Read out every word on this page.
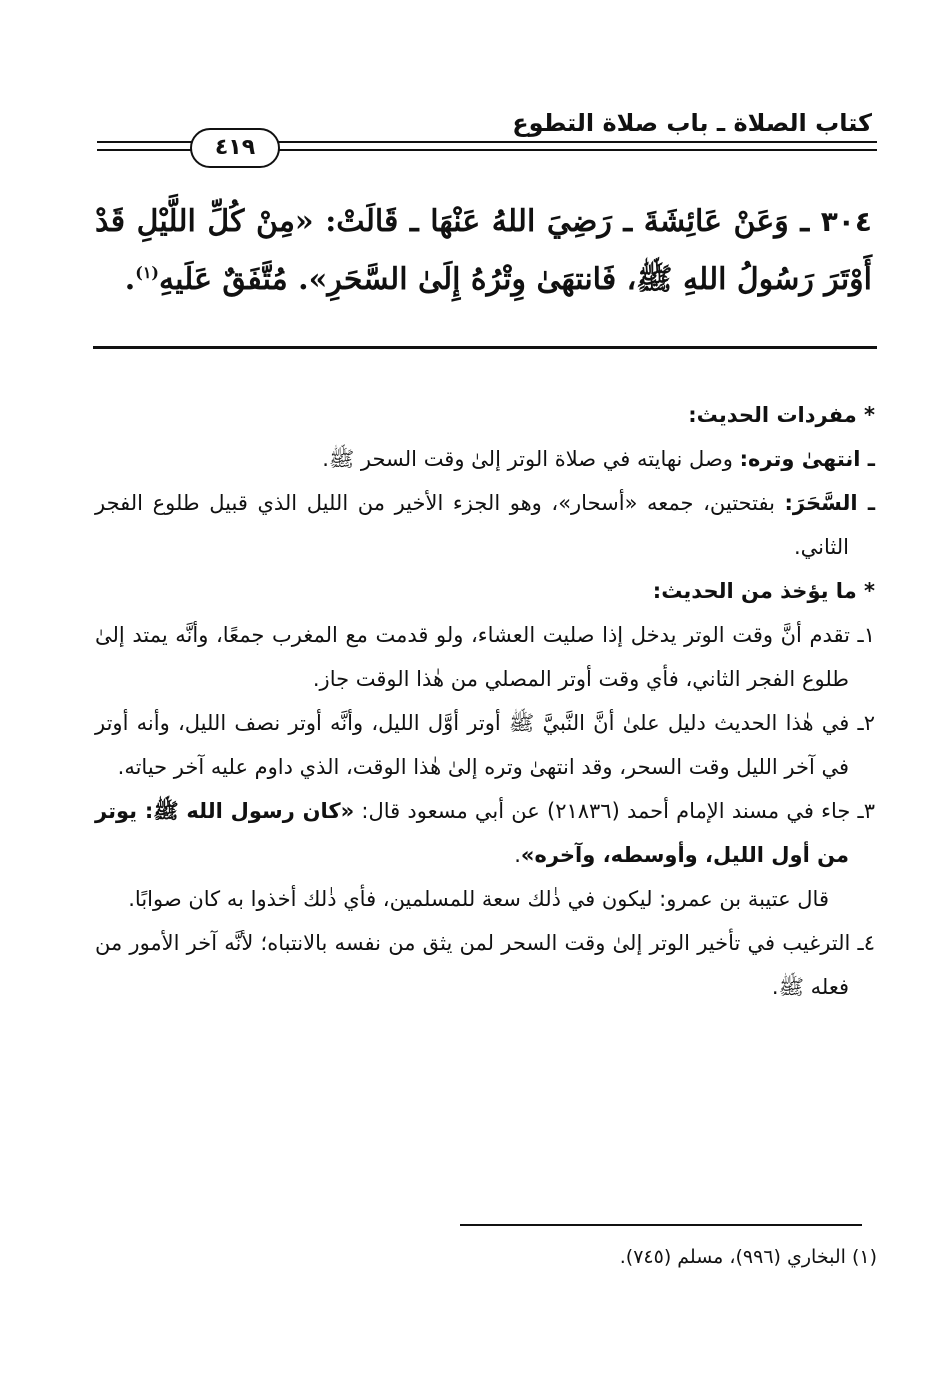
كتاب الصلاة ـ باب صلاة التطوع
٤١٩
٣٠٤ ـ وَعَنْ عَائِشَةَ ـ رَضِيَ اللهُ عَنْهَا ـ قَالَتْ: «مِنْ كُلِّ اللَّيْلِ قَدْ أَوْتَرَ رَسُولُ اللهِ ﷺ، فَانتهَىٰ وِتْرُهُ إِلَىٰ السَّحَرِ». مُتَّفَقٌ عَلَيهِ$^{(١)}$.

* مفردات الحديث:

ـ انتهىٰ وتره: وصل نهايته في صلاة الوتر إلىٰ وقت السحر ﷺ.

ـ السَّحَرَ: بفتحتين، جمعه «أسحار»، وهو الجزء الأخير من الليل الذي قبيل طلوع الفجر الثاني.

* ما يؤخذ من الحديث:

١ـ تقدم أنَّ وقت الوتر يدخل إذا صليت العشاء، ولو قدمت مع المغرب جمعًا، وأنَّه يمتد إلىٰ طلوع الفجر الثاني، فأي وقت أوتر المصلي من هٰذا الوقت جاز.

٢ـ في هٰذا الحديث دليل علىٰ أنَّ النَّبيَّ ﷺ أوتر أوَّل الليل، وأنَّه أوتر نصف الليل، وأنه أوتر في آخر الليل وقت السحر، وقد انتهىٰ وتره إلىٰ هٰذا الوقت، الذي داوم عليه آخر حياته.

٣ـ جاء في مسند الإمام أحمد (٢١٨٣٦) عن أبي مسعود قال: «كان رسول الله ﷺ: يوتر من أول الليل، وأوسطه، وآخره».

قال عتيبة بن عمرو: ليكون في ذٰلك سعة للمسلمين، فأي ذٰلك أخذوا به كان صوابًا.

٤ـ الترغيب في تأخير الوتر إلىٰ وقت السحر لمن يثق من نفسه بالانتباه؛ لأنَّه آخر الأمور من فعله ﷺ.

(١) البخاري (٩٩٦)، مسلم (٧٤٥).
